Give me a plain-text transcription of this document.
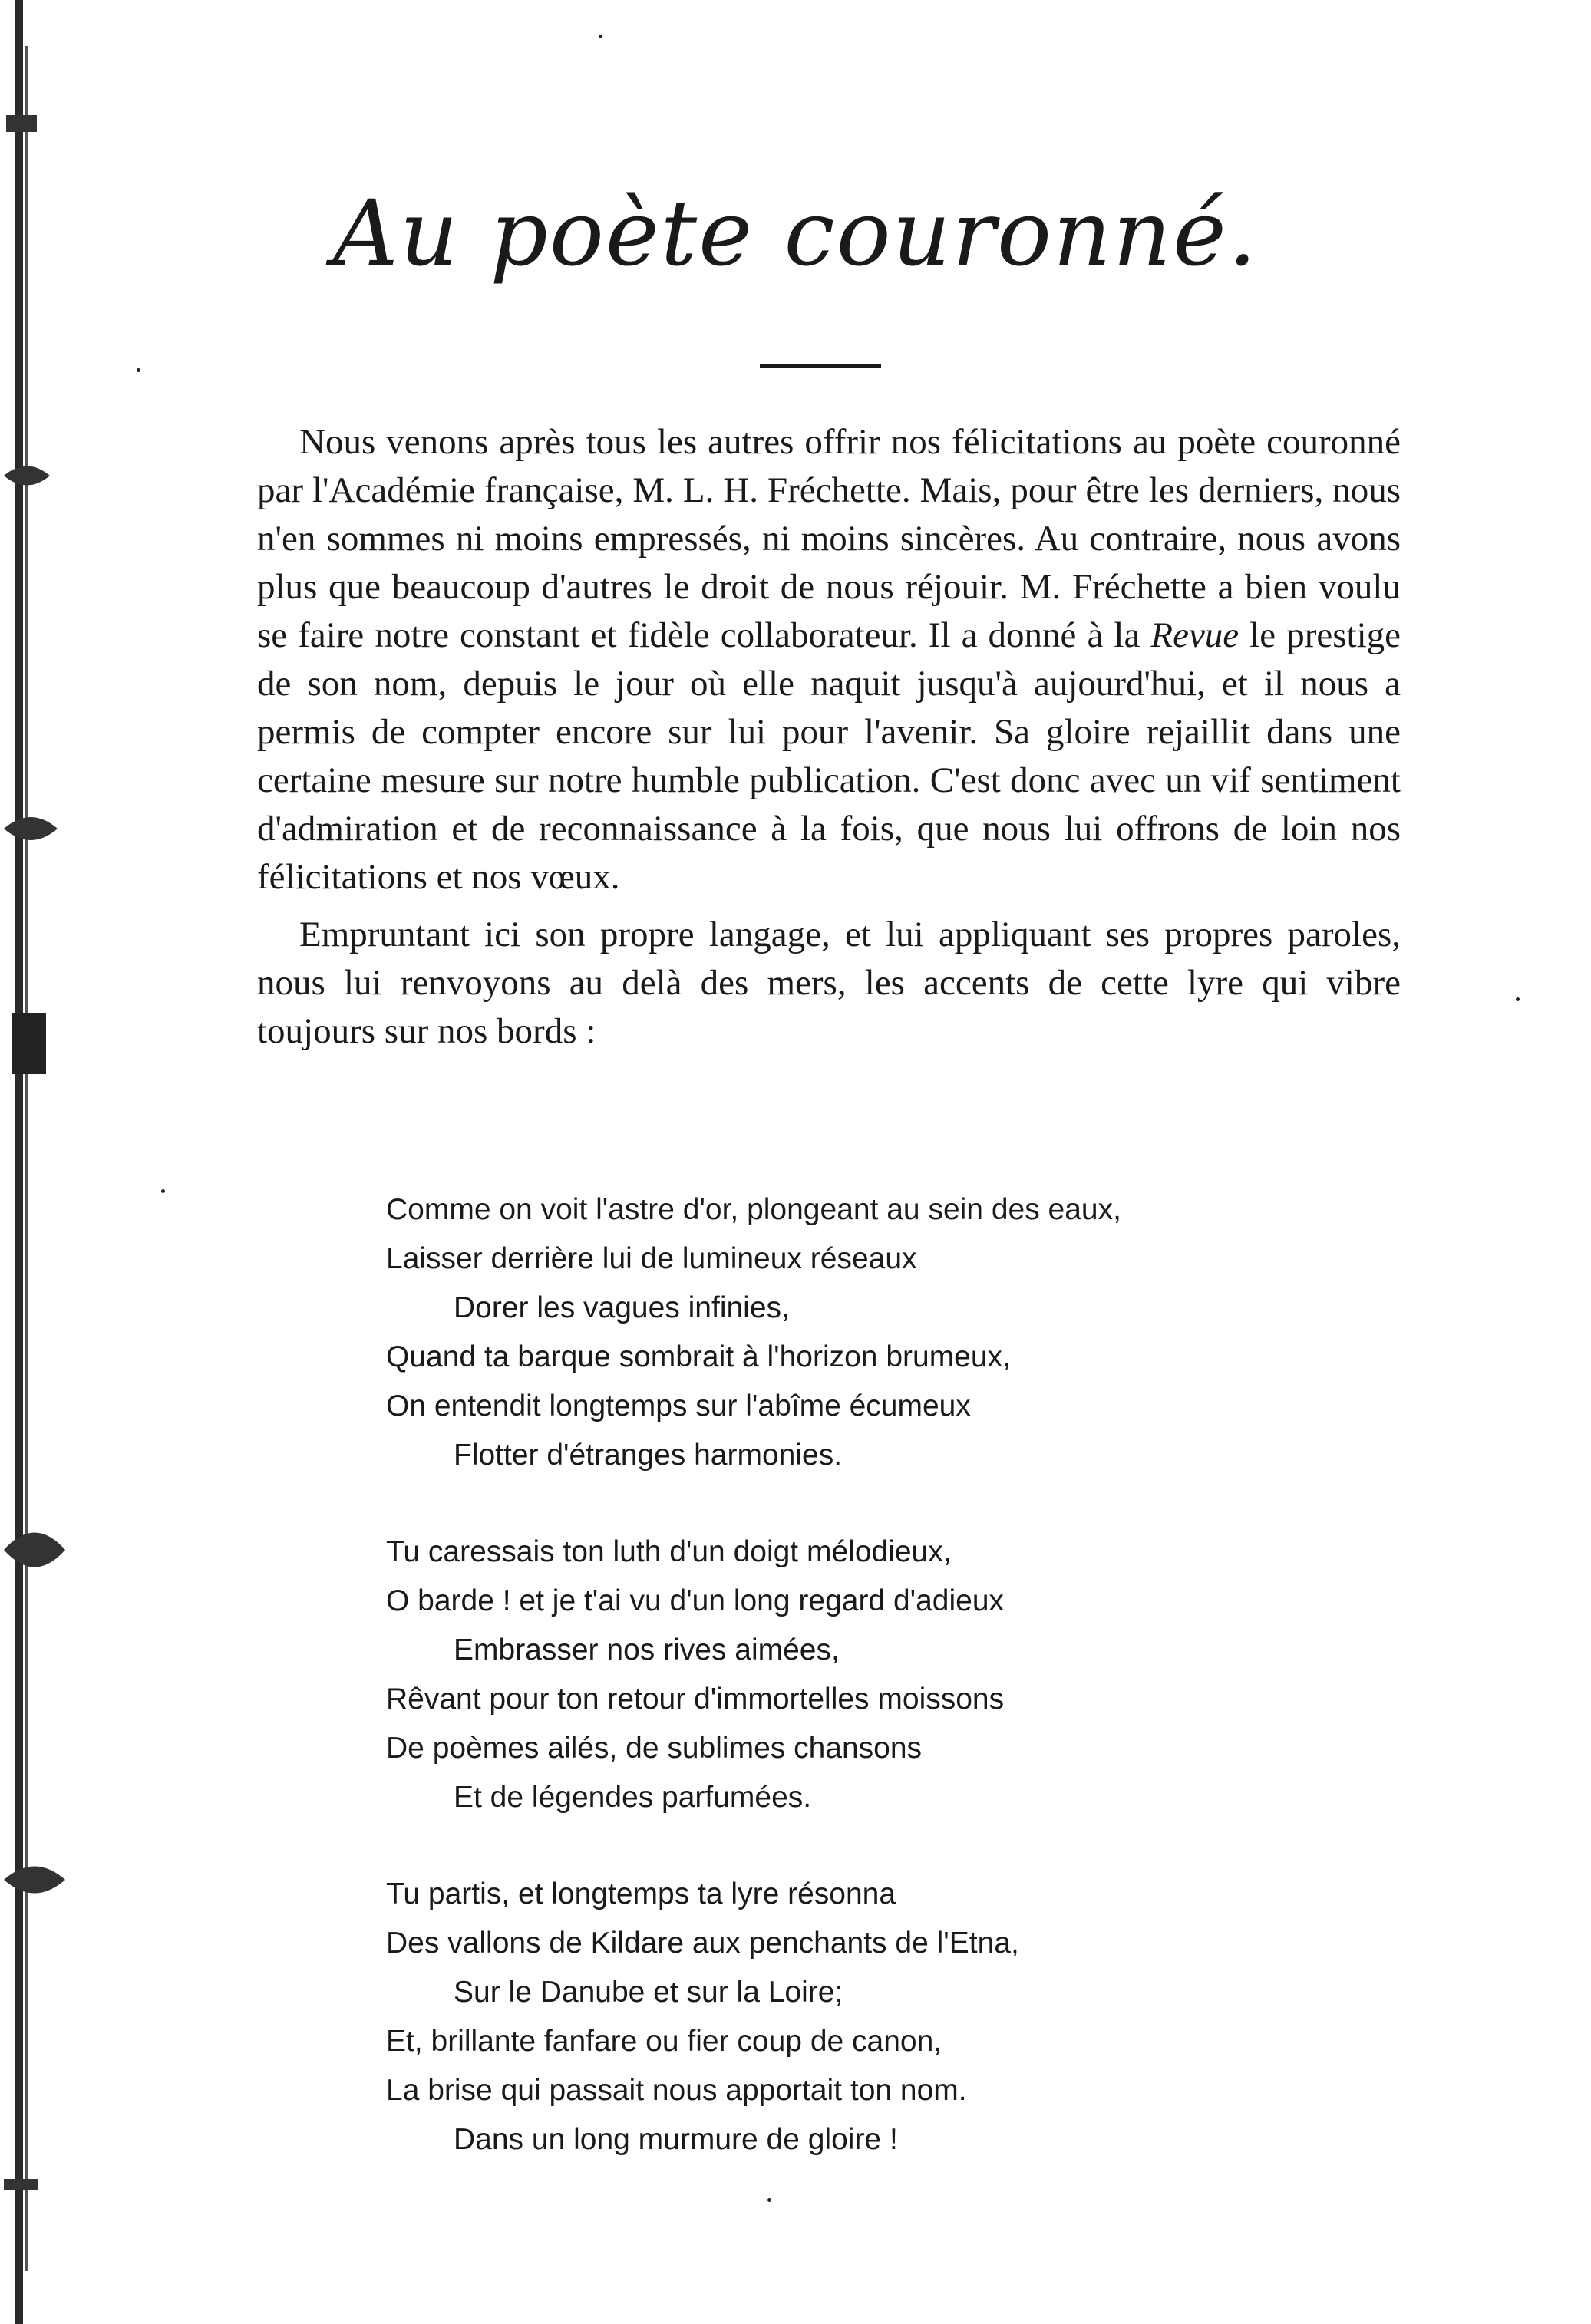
Au poète couronné.

Nous venons après tous les autres offrir nos félicitations au poète couronné par l'Académie française, M. L. H. Fréchette. Mais, pour être les derniers, nous n'en sommes ni moins empressés, ni moins sincères. Au contraire, nous avons plus que beaucoup d'autres le droit de nous réjouir. M. Fréchette a bien voulu se faire notre constant et fidèle collaborateur. Il a donné à la Revue le prestige de son nom, depuis le jour où elle naquit jusqu'à aujourd'hui, et il nous a permis de compter encore sur lui pour l'avenir. Sa gloire rejaillit dans une certaine mesure sur notre humble publication. C'est donc avec un vif sentiment d'admiration et de reconnaissance à la fois, que nous lui offrons de loin nos félicitations et nos vœux.

Empruntant ici son propre langage, et lui appliquant ses propres paroles, nous lui renvoyons au delà des mers, les accents de cette lyre qui vibre toujours sur nos bords :

Comme on voit l'astre d'or, plongeant au sein des eaux,
Laisser derrière lui de lumineux réseaux
Dorer les vagues infinies,
Quand ta barque sombrait à l'horizon brumeux,
On entendit longtemps sur l'abîme écumeux
Flotter d'étranges harmonies.
Tu caressais ton luth d'un doigt mélodieux,
O barde ! et je t'ai vu d'un long regard d'adieux
Embrasser nos rives aimées,
Rêvant pour ton retour d'immortelles moissons
De poèmes ailés, de sublimes chansons
Et de légendes parfumées.
Tu partis, et longtemps ta lyre résonna
Des vallons de Kildare aux penchants de l'Etna,
Sur le Danube et sur la Loire;
Et, brillante fanfare ou fier coup de canon,
La brise qui passait nous apportait ton nom.
Dans un long murmure de gloire !
